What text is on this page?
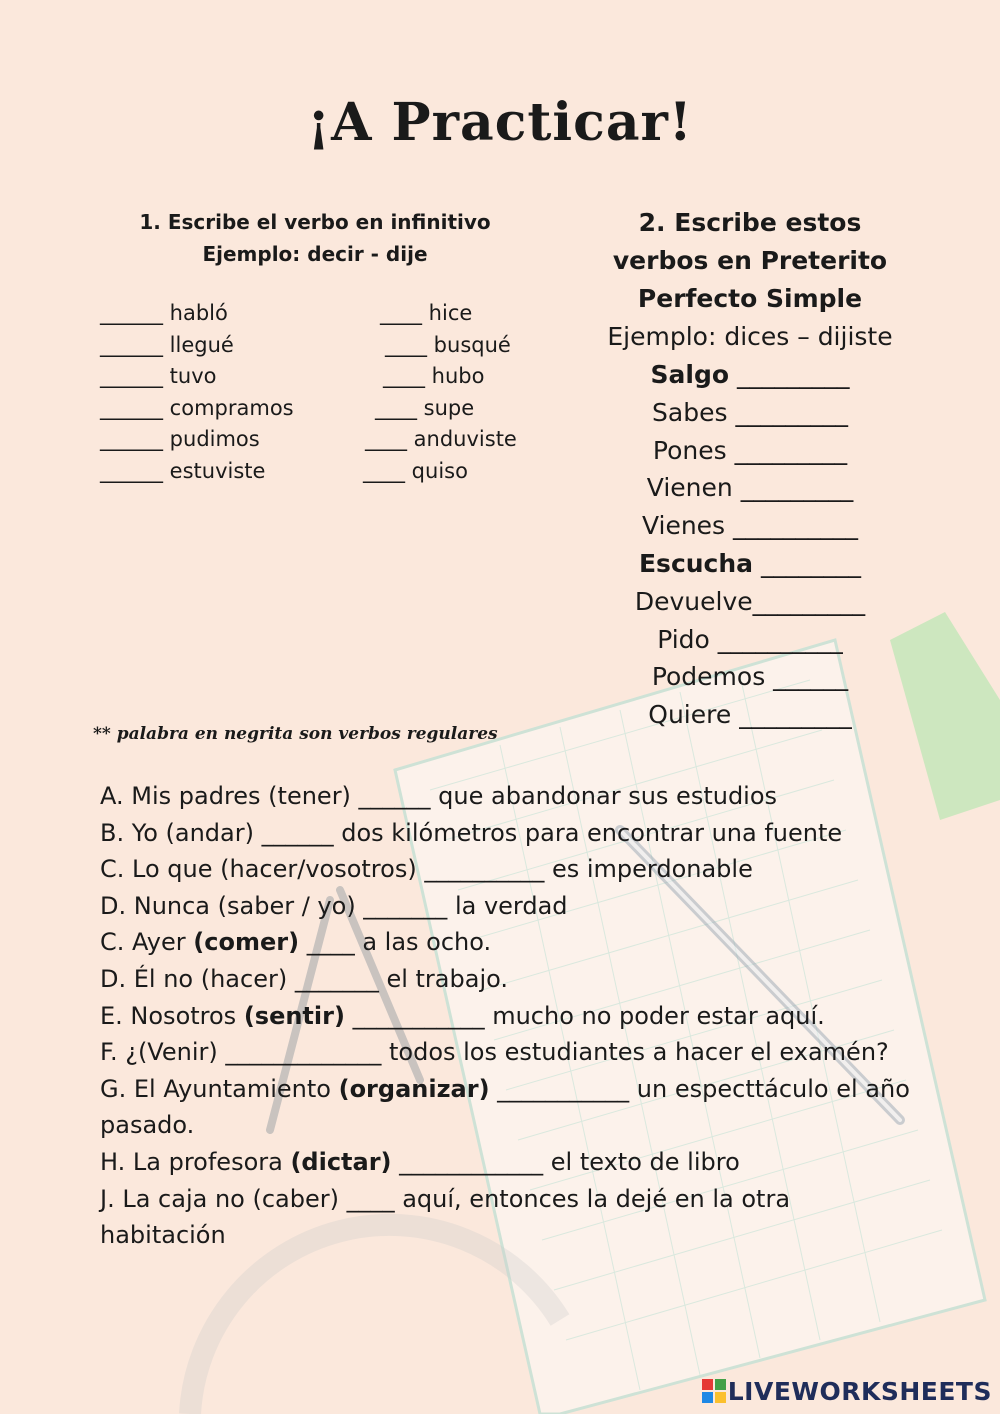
¡A Practicar!
1. Escribe el verbo en infinitivo
Ejemplo: decir - dije
______ habló
______ llegué
______ tuvo
______ compramos
______ pudimos
______ estuviste
____ hice
____ busqué
____ hubo
____ supe
____ anduviste
____ quiso
2. Escribe estos
verbos en Preterito
Perfecto Simple
Ejemplo: dices – dijiste
Salgo _________
Sabes _________
Pones _________
Vienen _________
Vienes __________
Escucha ________
Devuelve_________
Pido __________
Podemos ______
Quiere _________
** palabra en negrita son verbos regulares
A. Mis padres (tener) ______ que abandonar sus estudios
B. Yo (andar) ______ dos kilómetros para encontrar una fuente
C. Lo que (hacer/vosotros) __________ es imperdonable
D. Nunca (saber / yo) _______ la verdad
C. Ayer (comer) ____ a las ocho.
D. Él no (hacer) _______ el trabajo.
E. Nosotros (sentir) ___________ mucho no poder estar aquí.
F. ¿(Venir) _____________ todos los estudiantes a hacer el examén?
G. El Ayuntamiento (organizar) ___________ un especttáculo el año pasado.
H. La profesora (dictar) ____________ el texto de libro
J. La caja no (caber) ____ aquí, entonces la dejé en la otra habitación
LIVEWORKSHEETS
